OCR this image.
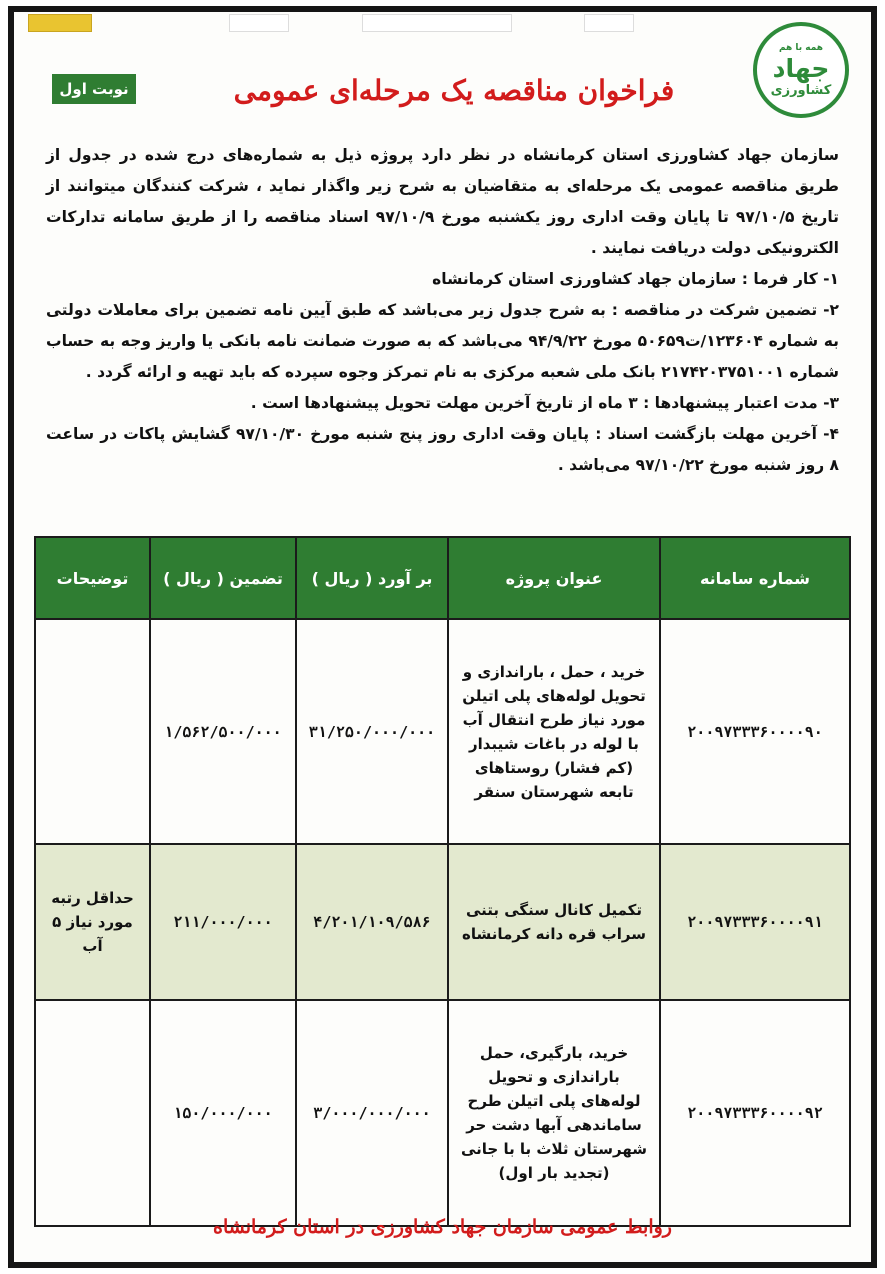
همه با هم
جهاد
کشاورزی
نوبت اول	فراخوان مناقصه یک مرحله‌ای عمومی

سازمان جهاد کشاورزی استان کرمانشاه در نظر دارد پروژه ذیل به شماره‌های درج شده در جدول از طریق مناقصه عمومی یک مرحله‌ای به متقاضیان به شرح زیر واگذار نماید ، شرکت کنندگان میتوانند از تاریخ ۹۷/۱۰/۵ تا پایان وقت اداری روز یکشنبه مورخ ۹۷/۱۰/۹ اسناد مناقصه را از طریق سامانه تدارکات الکترونیکی دولت دریافت نمایند .

۱- کار فرما : سازمان جهاد کشاورزی استان کرمانشاه

۲- تضمین شرکت در مناقصه : به شرح جدول زیر می‌باشد که طبق آیین نامه تضمین برای معاملات دولتی به شماره ۱۲۳۶۰۴/ت۵۰۶۵۹ مورخ ۹۴/۹/۲۲ می‌باشد که به صورت ضمانت نامه بانکی یا واریز وجه به حساب شماره ۲۱۷۴۲۰۳۷۵۱۰۰۱ بانک ملی شعبه مرکزی به نام تمرکز وجوه سپرده که باید تهیه و ارائه گردد .

۳- مدت اعتبار پیشنهادها : ۳ ماه از تاریخ آخرین مهلت تحویل پیشنهادها است .

۴- آخرین مهلت بازگشت اسناد : پایان وقت اداری روز پنج شنبه مورخ ۹۷/۱۰/۳۰ گشایش پاکات در ساعت ۸ روز شنبه مورخ ۹۷/۱۰/۲۲ می‌باشد .

شماره سامانه	عنوان پروژه	بر آورد ( ریال )	تضمین ( ریال )	توضیحات
۲۰۰۹۷۳۳۳۶۰۰۰۰۹۰	خرید ، حمل ، باراندازی و تحویل لوله‌های پلی اتیلن مورد نیاز طرح انتقال آب با لوله در باغات شیبدار (کم فشار) روستاهای تابعه شهرستان سنقر	۳۱/۲۵۰/۰۰۰/۰۰۰	۱/۵۶۲/۵۰۰/۰۰۰	
۲۰۰۹۷۳۳۳۶۰۰۰۰۹۱	تکمیل کانال سنگی بتنی سراب قره دانه کرمانشاه	۴/۲۰۱/۱۰۹/۵۸۶	۲۱۱/۰۰۰/۰۰۰	حداقل رتبه مورد نیاز ۵ آب
۲۰۰۹۷۳۳۳۶۰۰۰۰۹۲	خرید، بارگیری، حمل باراندازی و تحویل لوله‌های پلی اتیلن طرح ساماندهی آبها دشت حر شهرستان ثلاث با با جانی (تجدید بار اول)	۳/۰۰۰/۰۰۰/۰۰۰	۱۵۰/۰۰۰/۰۰۰	
روابط عمومی سازمان جهاد کشاورزی در استان کرمانشاه
